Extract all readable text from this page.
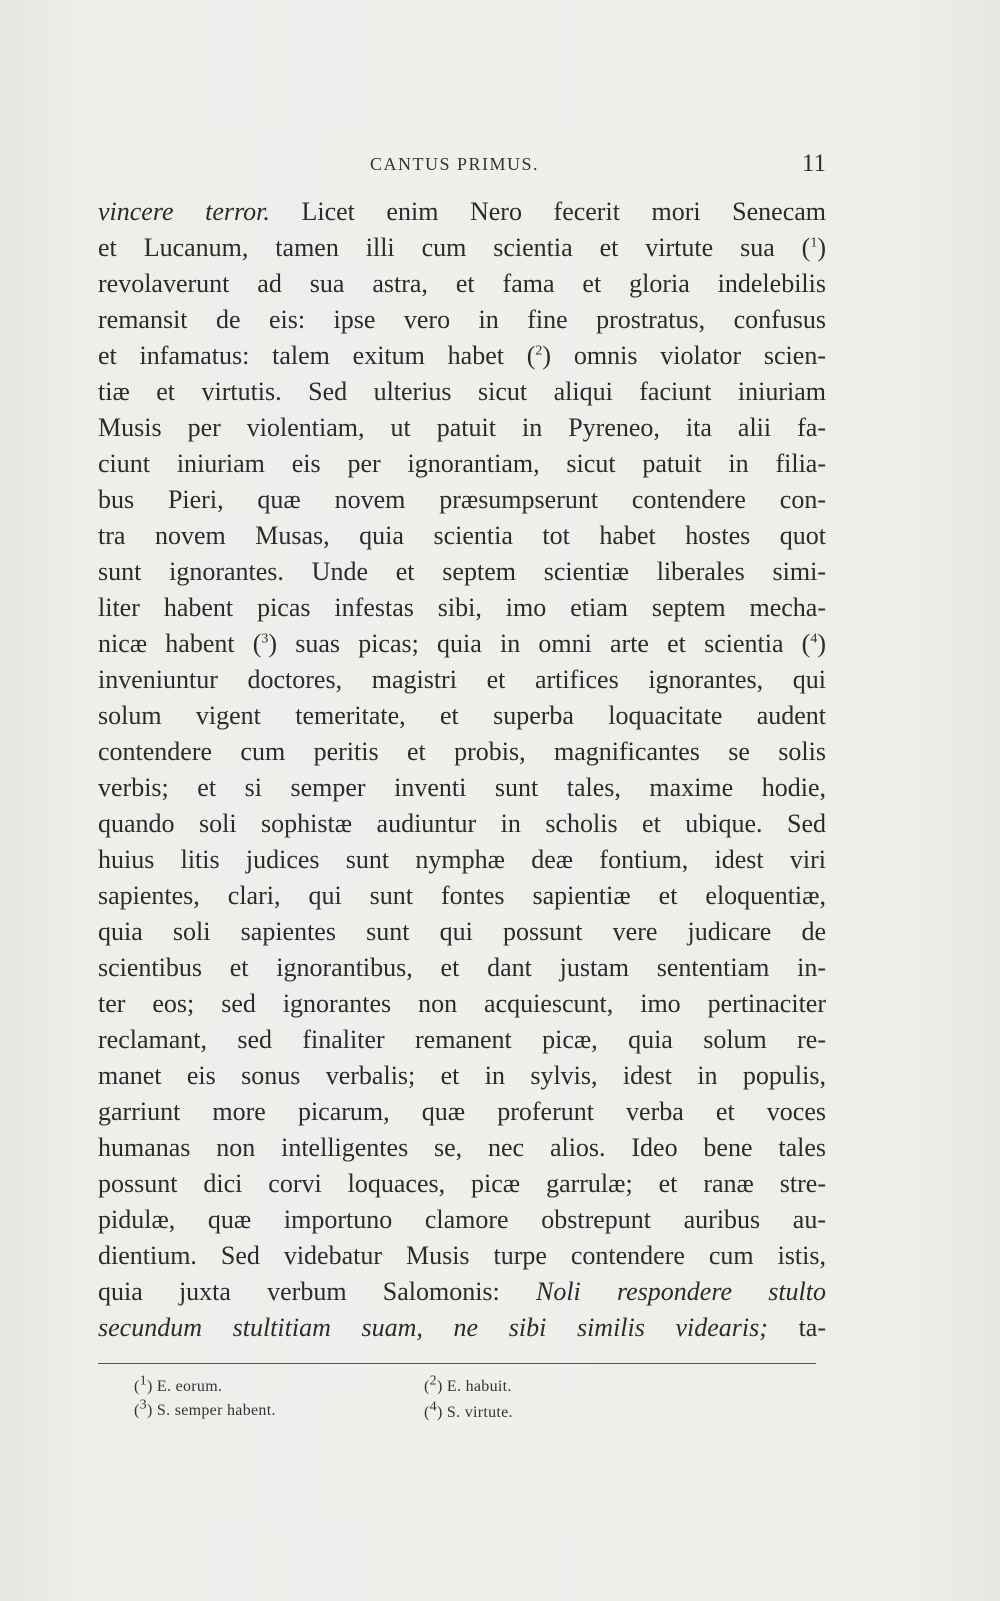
CANTUS PRIMUS.	11
vincere terror. Licet enim Nero fecerit mori Senecam
et Lucanum, tamen illi cum scientia et virtute sua ($^1$)
revolaverunt ad sua astra, et fama et gloria indelebilis
remansit de eis: ipse vero in fine prostratus, confusus
et infamatus: talem exitum habet ($^2$) omnis violator scien-
tiæ et virtutis. Sed ulterius sicut aliqui faciunt iniuriam
Musis per violentiam, ut patuit in Pyreneo, ita alii fa-
ciunt iniuriam eis per ignorantiam, sicut patuit in filia-
bus Pieri, quæ novem præsumpserunt contendere con-
tra novem Musas, quia scientia tot habet hostes quot
sunt ignorantes. Unde et septem scientiæ liberales simi-
liter habent picas infestas sibi, imo etiam septem mecha-
nicæ habent ($^3$) suas picas; quia in omni arte et scientia ($^4$)
inveniuntur doctores, magistri et artifices ignorantes, qui
solum vigent temeritate, et superba loquacitate audent
contendere cum peritis et probis, magnificantes se solis
verbis; et si semper inventi sunt tales, maxime hodie,
quando soli sophistæ audiuntur in scholis et ubique. Sed
huius litis judices sunt nymphæ deæ fontium, idest viri
sapientes, clari, qui sunt fontes sapientiæ et eloquentiæ,
quia soli sapientes sunt qui possunt vere judicare de
scientibus et ignorantibus, et dant justam sententiam in-
ter eos; sed ignorantes non acquiescunt, imo pertinaciter
reclamant, sed finaliter remanent picæ, quia solum re-
manet eis sonus verbalis; et in sylvis, idest in populis,
garriunt more picarum, quæ proferunt verba et voces
humanas non intelligentes se, nec alios. Ideo bene tales
possunt dici corvi loquaces, picæ garrulæ; et ranæ stre-
pidulæ, quæ importuno clamore obstrepunt auribus au-
dientium. Sed videbatur Musis turpe contendere cum istis,
quia juxta verbum Salomonis: Noli respondere stulto
secundum stultitiam suam, ne sibi similis videaris; ta-
($^1$) E. eorum.	($^2$) E. habuit.
($^3$) S. semper habent.	($^4$) S. virtute.
